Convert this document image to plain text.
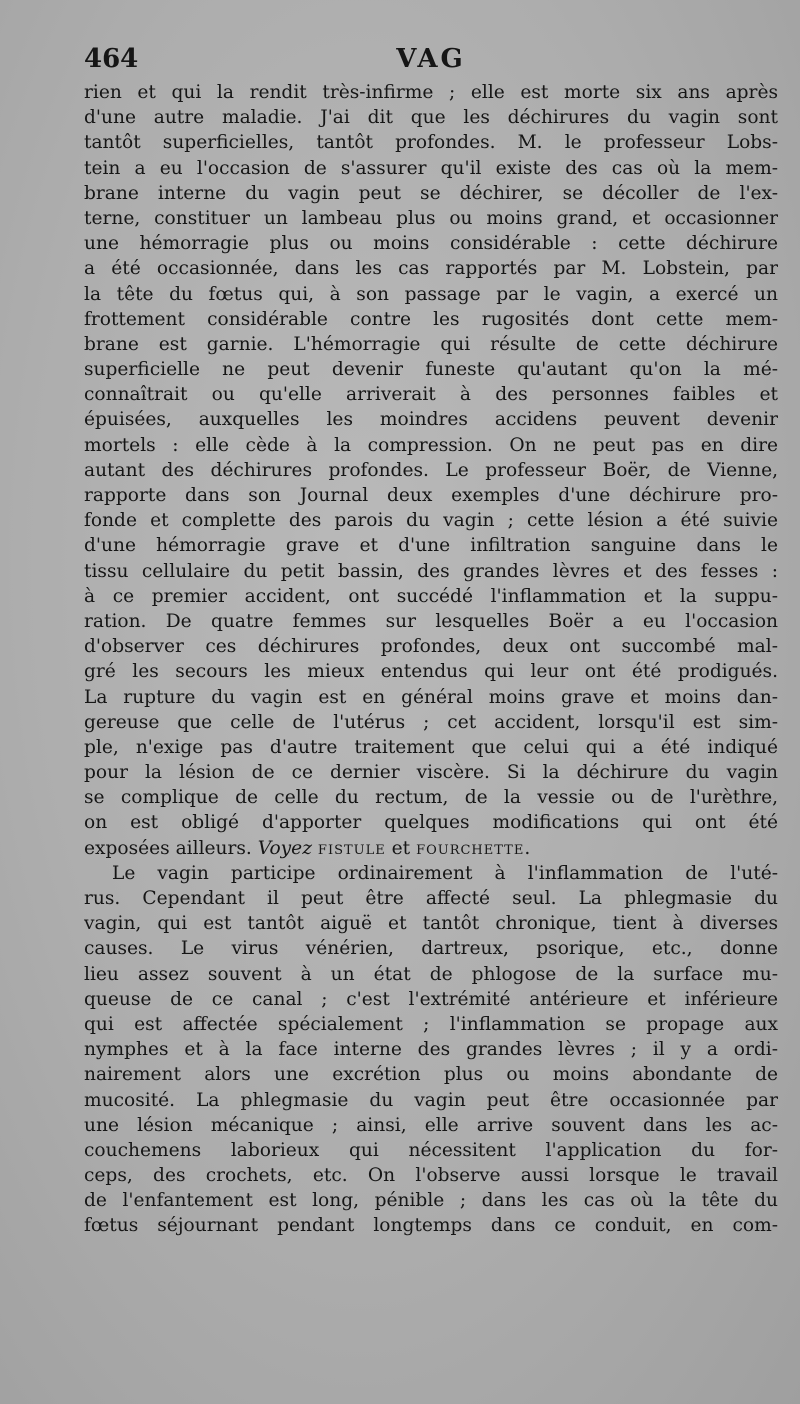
464	VAG
rien et qui la rendit très-infirme ; elle est morte six ans après
d'une autre maladie. J'ai dit que les déchirures du vagin sont
tantôt superficielles, tantôt profondes. M. le professeur Lobs-
tein a eu l'occasion de s'assurer qu'il existe des cas où la mem-
brane interne du vagin peut se déchirer, se décoller de l'ex-
terne, constituer un lambeau plus ou moins grand, et occasionner
une hémorragie plus ou moins considérable : cette déchirure
a été occasionnée, dans les cas rapportés par M. Lobstein, par
la tête du fœtus qui, à son passage par le vagin, a exercé un
frottement considérable contre les rugosités dont cette mem-
brane est garnie. L'hémorragie qui résulte de cette déchirure
superficielle ne peut devenir funeste qu'autant qu'on la mé-
connaîtrait ou qu'elle arriverait à des personnes faibles et
épuisées, auxquelles les moindres accidens peuvent devenir
mortels : elle cède à la compression. On ne peut pas en dire
autant des déchirures profondes. Le professeur Boër, de Vienne,
rapporte dans son Journal deux exemples d'une déchirure pro-
fonde et complette des parois du vagin ; cette lésion a été suivie
d'une hémorragie grave et d'une infiltration sanguine dans le
tissu cellulaire du petit bassin, des grandes lèvres et des fesses :
à ce premier accident, ont succédé l'inflammation et la suppu-
ration. De quatre femmes sur lesquelles Boër a eu l'occasion
d'observer ces déchirures profondes, deux ont succombé mal-
gré les secours les mieux entendus qui leur ont été prodigués.
La rupture du vagin est en général moins grave et moins dan-
gereuse que celle de l'utérus ; cet accident, lorsqu'il est sim-
ple, n'exige pas d'autre traitement que celui qui a été indiqué
pour la lésion de ce dernier viscère. Si la déchirure du vagin
se complique de celle du rectum, de la vessie ou de l'urèthre,
on est obligé d'apporter quelques modifications qui ont été
exposées ailleurs. Voyez fistule et fourchette.
Le vagin participe ordinairement à l'inflammation de l'uté-
rus. Cependant il peut être affecté seul. La phlegmasie du
vagin, qui est tantôt aiguë et tantôt chronique, tient à diverses
causes. Le virus vénérien, dartreux, psorique, etc., donne
lieu assez souvent à un état de phlogose de la surface mu-
queuse de ce canal ; c'est l'extrémité antérieure et inférieure
qui est affectée spécialement ; l'inflammation se propage aux
nymphes et à la face interne des grandes lèvres ; il y a ordi-
nairement alors une excrétion plus ou moins abondante de
mucosité. La phlegmasie du vagin peut être occasionnée par
une lésion mécanique ; ainsi, elle arrive souvent dans les ac-
couchemens laborieux qui nécessitent l'application du for-
ceps, des crochets, etc. On l'observe aussi lorsque le travail
de l'enfantement est long, pénible ; dans les cas où la tête du
fœtus séjournant pendant longtemps dans ce conduit, en com-
